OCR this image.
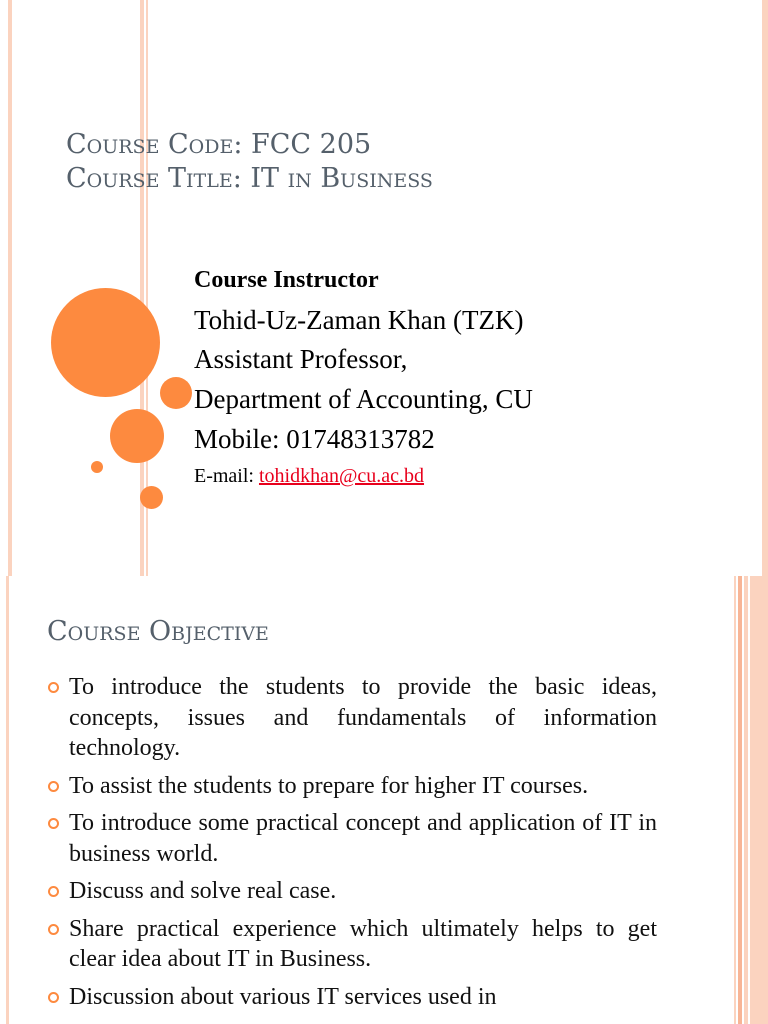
Course Code: FCC 205
Course Title: IT in Business
Course Instructor
Tohid-Uz-Zaman Khan (TZK)
Assistant Professor,
Department of Accounting, CU
Mobile: 01748313782
E-mail: tohidkhan@cu.ac.bd
Course Objective
To introduce the students to provide the basic ideas, concepts, issues and fundamentals of information technology.
To assist the students to prepare for higher IT courses.
To introduce some practical concept and application of IT in business world.
Discuss and solve real case.
Share practical experience which ultimately helps to get clear idea about IT in Business.
Discussion about various IT services used in
